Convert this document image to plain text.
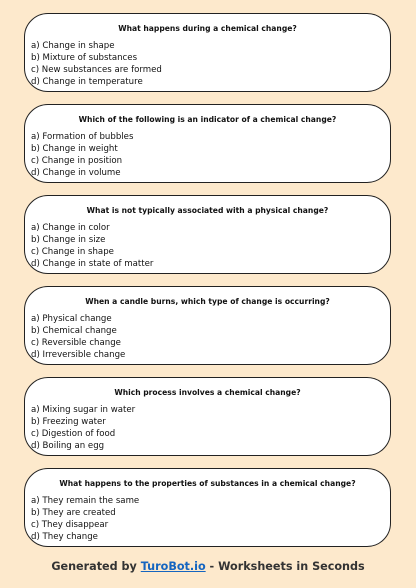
What happens during a chemical change?
a) Change in shape
b) Mixture of substances
c) New substances are formed
d) Change in temperature
Which of the following is an indicator of a chemical change?
a) Formation of bubbles
b) Change in weight
c) Change in position
d) Change in volume
What is not typically associated with a physical change?
a) Change in color
b) Change in size
c) Change in shape
d) Change in state of matter
When a candle burns, which type of change is occurring?
a) Physical change
b) Chemical change
c) Reversible change
d) Irreversible change
Which process involves a chemical change?
a) Mixing sugar in water
b) Freezing water
c) Digestion of food
d) Boiling an egg
What happens to the properties of substances in a chemical change?
a) They remain the same
b) They are created
c) They disappear
d) They change
Generated by TuroBot.io - Worksheets in Seconds
